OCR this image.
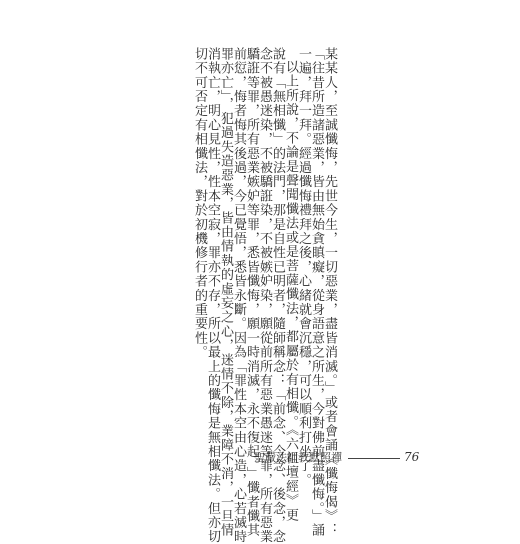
某某人，至誠懺悔，先世今生，一切惡業，盡皆消滅。」或者會誦《懺悔偈》：
「往昔所造諸惡業，皆由無始貪瞋癡，從身語意之所生，今對佛前盡懺悔。」誦
一遍，拜一拜。經過懺悔禮拜之後，心緒就會沉穩，可以順利打坐了。
以上所說，不論是聲聞懺法或是菩薩懺法，都屬於有相懺。《六祖壇經》更
說有「無相懺」的法門，那是自性已明者，隨師稱念：「前念、今念、後念，念
念不被愚迷染，不被驕誑染，不被嫉妒染，願從前所有惡業愚迷等罪，所有惡業
驕誑等罪，所有惡業嫉妒等罪，悉皆懺悔，願一時消滅，永不復起。」懺者懺其
前愆，悔者悔其後過，今已覺悟，悉皆永斷。因為「罪性本空由心造，心若滅時
罪亦亡」，犯過失造惡業，皆由情執的虛妄之心，迷情不除，業障不消，一旦情
消執亡，明心見性，性本空寂，罪亦不存，所以最上的懺悔是無相懺法。但亦切
切不可否定有相懺法，對於初機修行者的重要性。
聖嚴法師教默照禪	76
